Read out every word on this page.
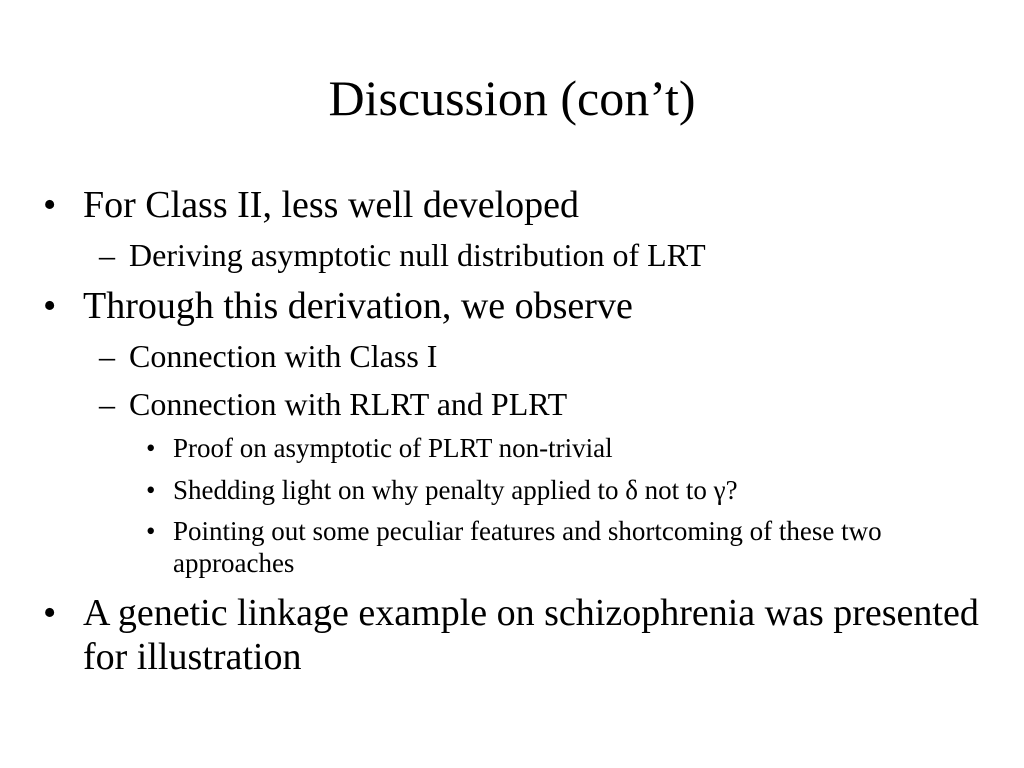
Discussion (con’t)
• For Class II, less well developed
– Deriving asymptotic null distribution of LRT
• Through this derivation, we observe
– Connection with Class I
– Connection with RLRT and PLRT
• Proof on asymptotic of PLRT non-trivial
• Shedding light on why penalty applied to δ not to γ?
• Pointing out some peculiar features and shortcoming of these two approaches
• A genetic linkage example on schizophrenia was presented for illustration
